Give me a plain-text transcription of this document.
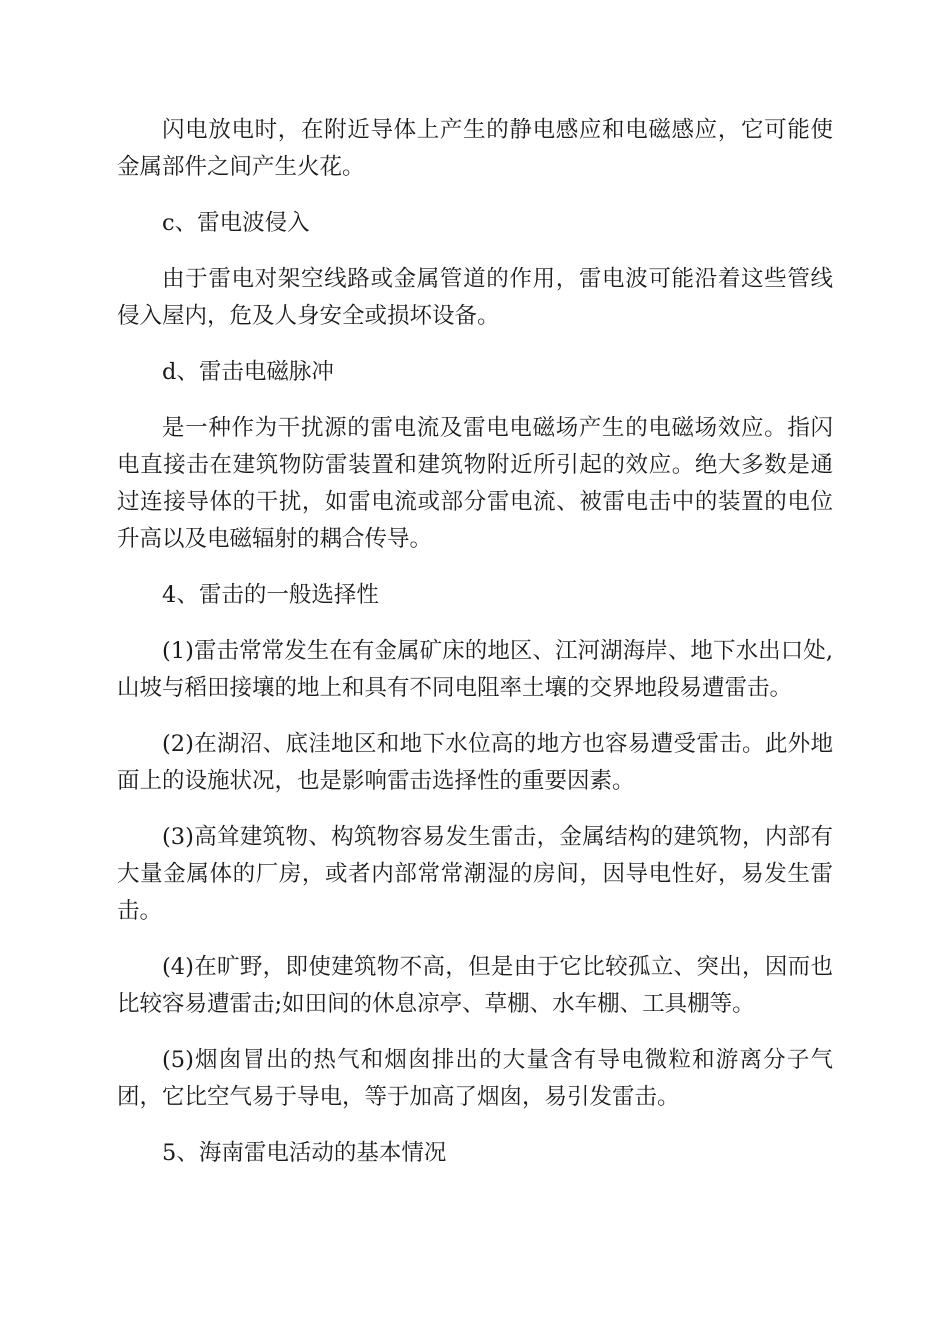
闪电放电时，在附近导体上产生的静电感应和电磁感应，它可能使金属部件之间产生火花。

c、雷电波侵入

由于雷电对架空线路或金属管道的作用，雷电波可能沿着这些管线侵入屋内，危及人身安全或损坏设备。

d、雷击电磁脉冲

是一种作为干扰源的雷电流及雷电电磁场产生的电磁场效应。指闪电直接击在建筑物防雷装置和建筑物附近所引起的效应。绝大多数是通过连接导体的干扰，如雷电流或部分雷电流、被雷电击中的装置的电位升高以及电磁辐射的耦合传导。

4、雷击的一般选择性

(1)雷击常常发生在有金属矿床的地区、江河湖海岸、地下水出口处,山坡与稻田接壤的地上和具有不同电阻率土壤的交界地段易遭雷击。

(2)在湖沼、底洼地区和地下水位高的地方也容易遭受雷击。此外地面上的设施状况，也是影响雷击选择性的重要因素。

(3)高耸建筑物、构筑物容易发生雷击，金属结构的建筑物，内部有大量金属体的厂房，或者内部常常潮湿的房间，因导电性好，易发生雷击。

(4)在旷野，即使建筑物不高，但是由于它比较孤立、突出，因而也比较容易遭雷击;如田间的休息凉亭、草棚、水车棚、工具棚等。

(5)烟囱冒出的热气和烟囱排出的大量含有导电微粒和游离分子气团，它比空气易于导电，等于加高了烟囱，易引发雷击。

5、海南雷电活动的基本情况
